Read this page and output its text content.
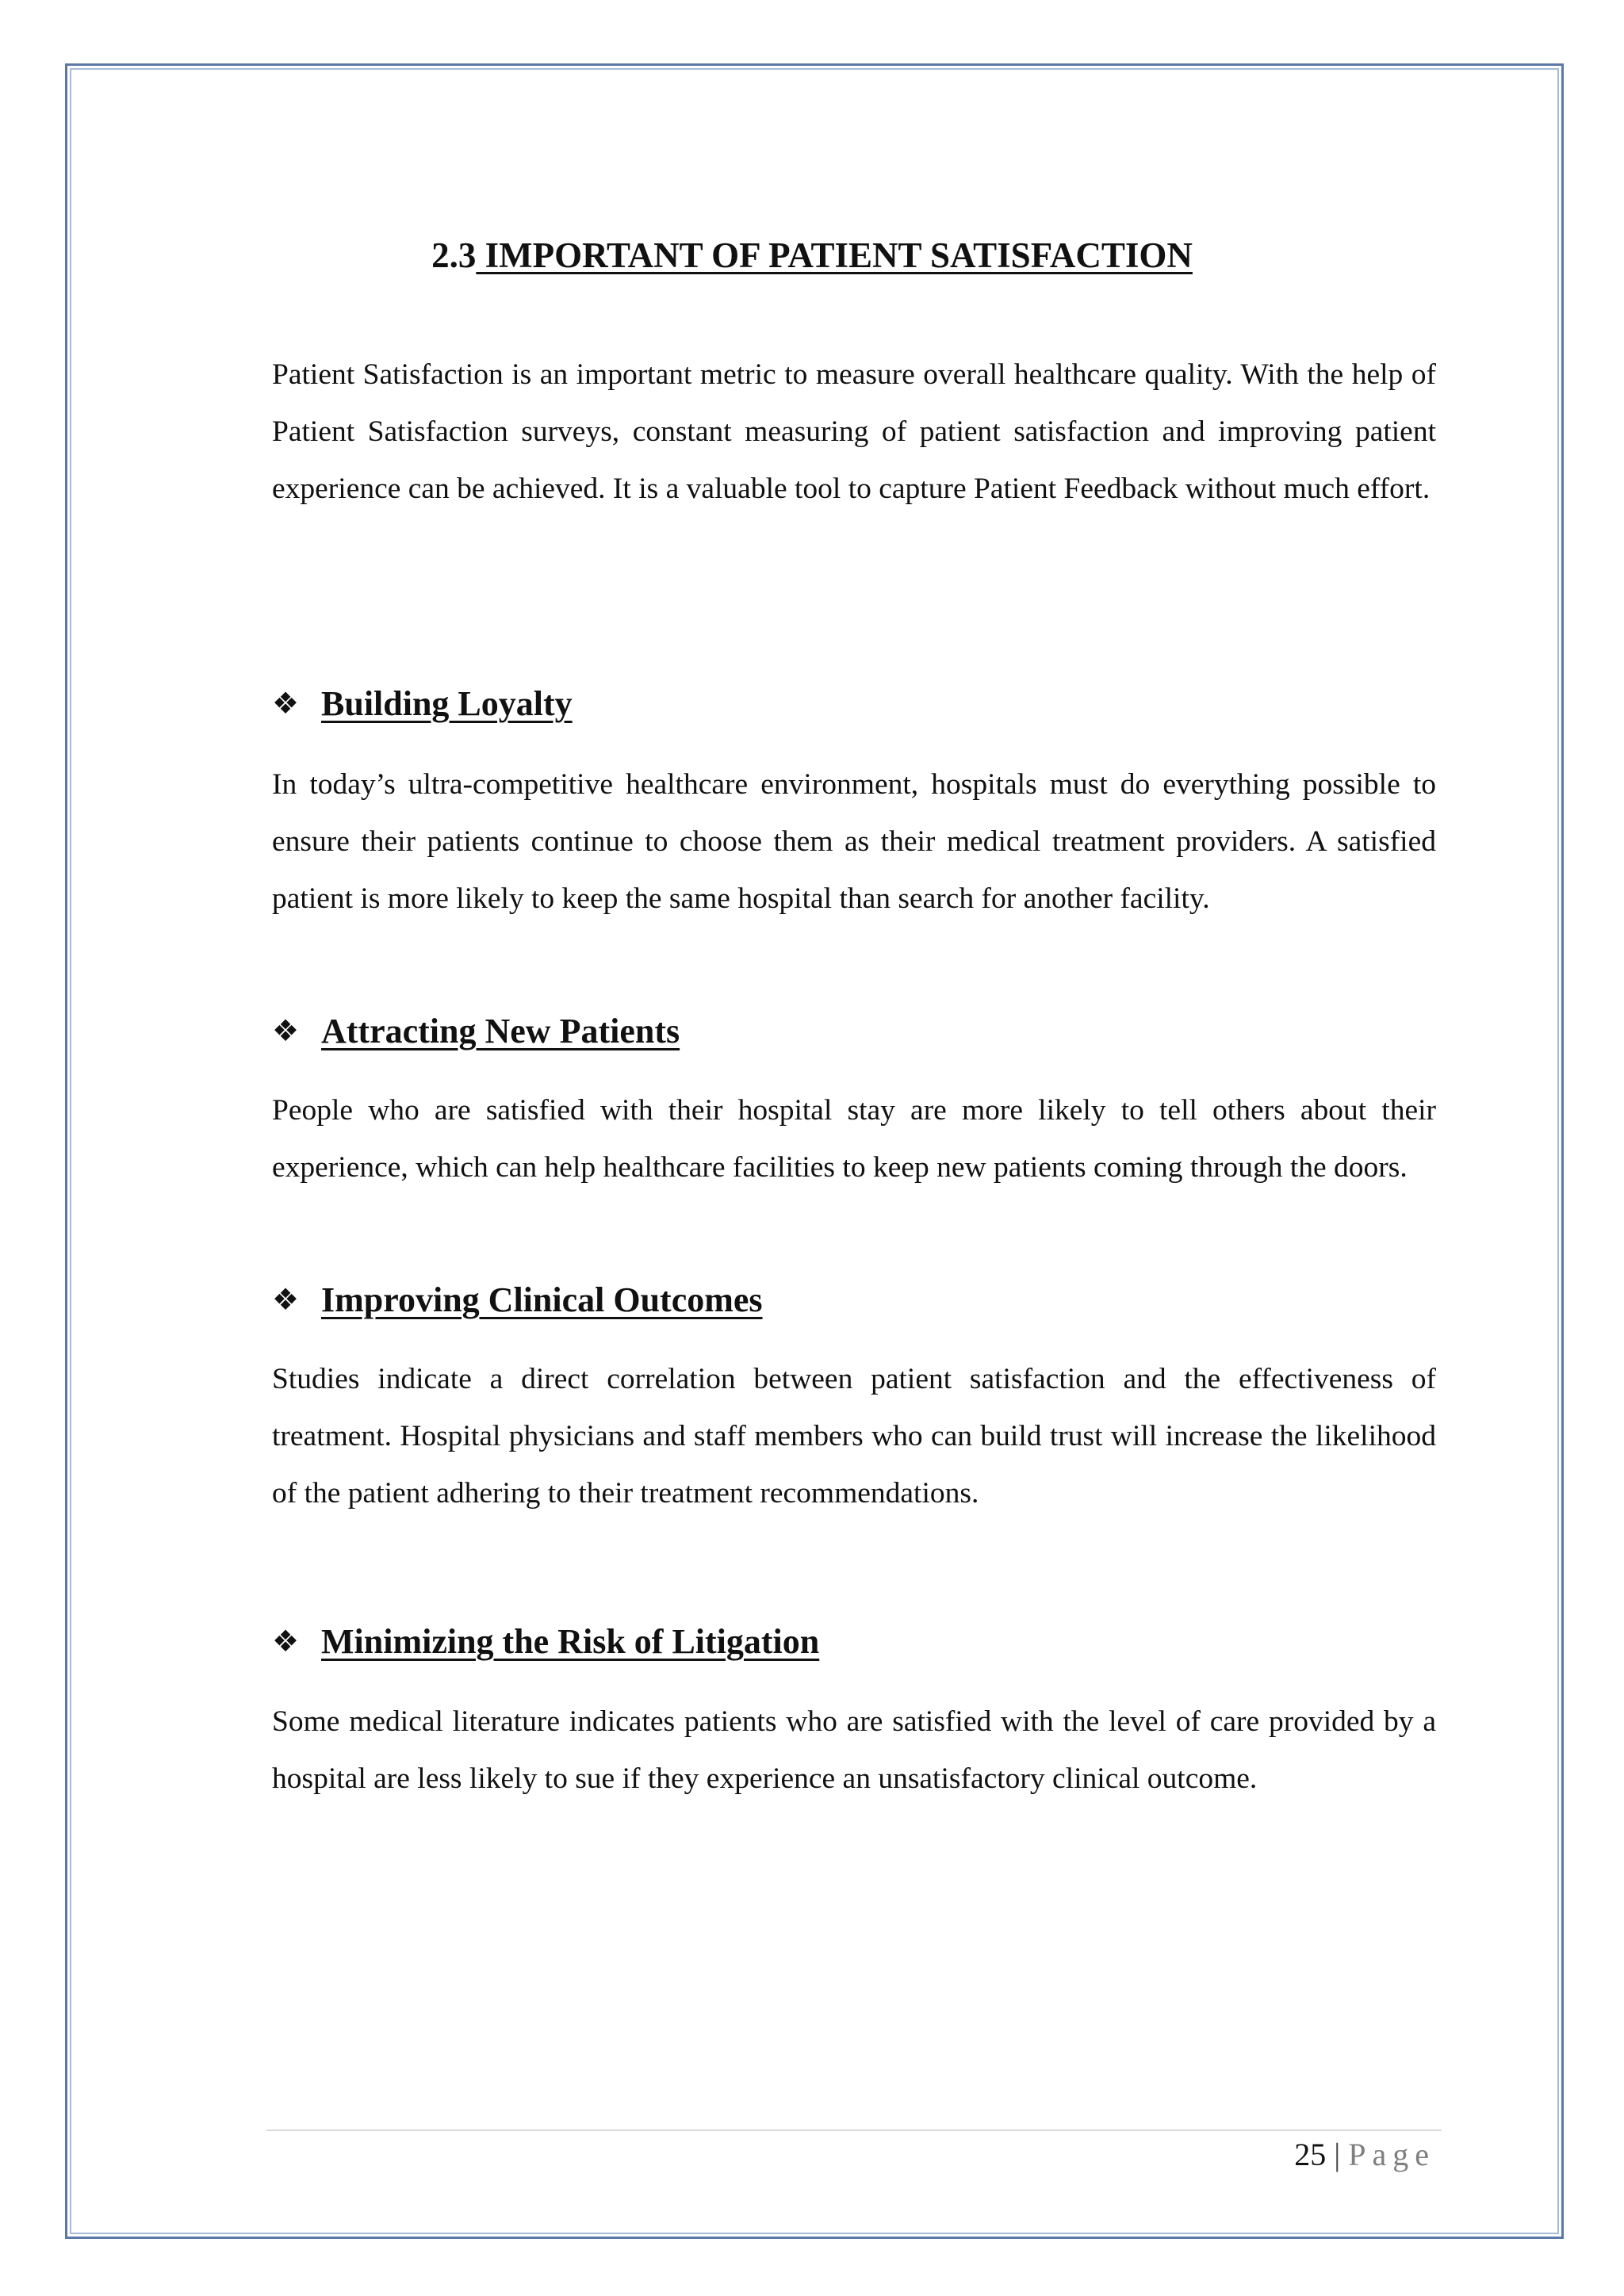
2.3 IMPORTANT OF PATIENT SATISFACTION

Patient Satisfaction is an important metric to measure overall healthcare quality. With the help of Patient Satisfaction surveys, constant measuring of patient satisfaction and improving patient experience can be achieved. It is a valuable tool to capture Patient Feedback without much effort.

❖ Building Loyalty

In today’s ultra-competitive healthcare environment, hospitals must do everything possible to ensure their patients continue to choose them as their medical treatment providers. A satisfied patient is more likely to keep the same hospital than search for another facility.

❖ Attracting New Patients

People who are satisfied with their hospital stay are more likely to tell others about their experience, which can help healthcare facilities to keep new patients coming through the doors.

❖ Improving Clinical Outcomes

Studies indicate a direct correlation between patient satisfaction and the effectiveness of treatment. Hospital physicians and staff members who can build trust will increase the likelihood of the patient adhering to their treatment recommendations.

❖ Minimizing the Risk of Litigation

Some medical literature indicates patients who are satisfied with the level of care provided by a hospital are less likely to sue if they experience an unsatisfactory clinical outcome.

25 | Page
